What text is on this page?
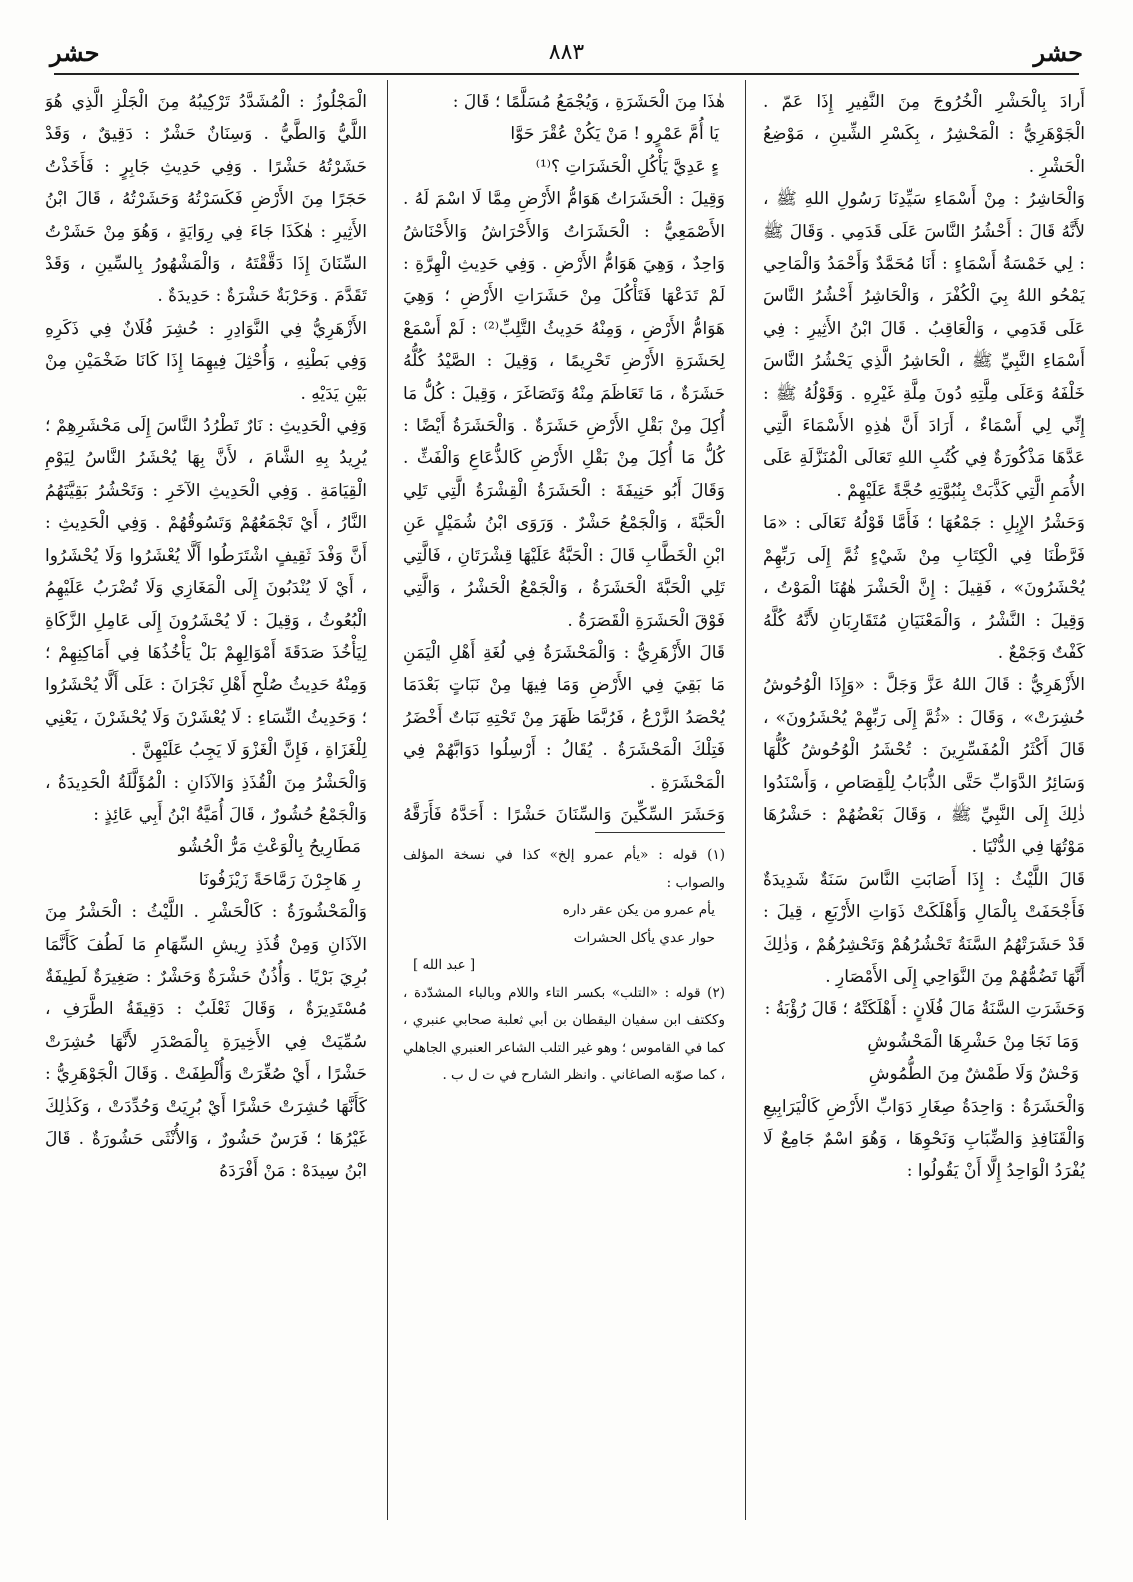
حشر
٨٨٣
حشر

أَرادَ بِالْحَشْرِ الْخُرُوجَ مِنَ النَّفِيرِ إِذَا عَمّ . الْجَوْهَرِيُّ : الْمَحْشِرُ ، بِكَسْرِ الشِّينِ ، مَوْضِعُ الْحَشْرِ .

وَالْحَاشِرُ : مِنْ أَسْمَاءِ سَيِّدِنَا رَسُولِ اللهِ ﷺ ، لأَنَّهُ قَالَ : أَحْشُرُ النَّاسَ عَلَى قَدَمِي . وَقَالَ ﷺ : لِي خَمْسَةُ أَسْمَاءٍ : أَنَا مُحَمَّدٌ وَأَحْمَدُ وَالْمَاحِي يَمْحُو اللهُ بِيَ الْكُفْرَ ، وَالْحَاشِرُ أَحْشُرُ النَّاسَ عَلَى قَدَمِي ، وَالْعَاقِبُ . قَالَ ابْنُ الأَثِيرِ : فِي أَسْمَاءِ النَّبِيِّ ﷺ ، الْحَاشِرُ الَّذِي يَحْشُرُ النَّاسَ خَلْفَهُ وَعَلَى مِلَّتِهِ دُونَ مِلَّةِ غَيْرِهِ . وَقَوْلُهُ ﷺ : إِنِّي لِي أَسْمَاءٌ ، أَرَادَ أَنَّ هٰذِهِ الأَسْمَاءَ الَّتِي عَدَّهَا مَذْكُورَةٌ فِي كُتُبِ اللهِ تَعَالَى الْمُنَزَّلَةِ عَلَى الأُمَمِ الَّتِي كَذَّبَتْ بِنُبُوَّتِهِ حُجَّةً عَلَيْهِمْ .

وَحَشْرُ الإِبِلِ : جَمْعُهَا ؛ فَأَمَّا قَوْلُهُ تَعَالَى : «مَا فَرَّطْنَا فِي الْكِتَابِ مِنْ شَيْءٍ ثُمَّ إِلَى رَبِّهِمْ يُحْشَرُونَ» ، فَقِيلَ : إِنَّ الْحَشْرَ هٰهُنَا الْمَوْتُ ، وَقِيلَ : النَّشْرُ ، وَالْمَعْنَيَانِ مُتَقَارِبَانِ لأَنَّهُ كُلَّهُ كَفْتٌ وَجَمْعٌ .

الأَزْهَرِيُّ : قَالَ اللهُ عَزَّ وَجَلَّ : «وَإِذَا الْوُحُوشُ حُشِرَتْ» ، وَقَالَ : «ثُمَّ إِلَى رَبِّهِمْ يُحْشَرُونَ» ، قَالَ أَكْثَرُ الْمُفَسِّرِينَ : تُحْشَرُ الْوُحُوشُ كُلُّهَا وَسَائِرُ الدَّوَابِّ حَتَّى الذُّبَابُ لِلْقِصَاصِ ، وَأَسْنَدُوا ذٰلِكَ إِلَى النَّبِيِّ ﷺ ، وَقَالَ بَعْضُهُمْ : حَشْرُهَا مَوْتُهَا فِي الدُّنْيَا .

قَالَ اللَّيْثُ : إِذَا أَصَابَتِ النَّاسَ سَنَةٌ شَدِيدَةٌ فَأَجْحَفَتْ بِالْمَالِ وَأَهْلَكَتْ ذَوَاتِ الأَرْبَعِ ، قِيلَ : قَدْ حَشَرَتْهُمُ السَّنَةُ تَحْشُرُهُمْ وَتَحْشِرُهُمْ ، وَذٰلِكَ أَنَّهَا تَضُمُّهُمْ مِنَ النَّوَاحِي إِلَى الأَمْصَارِ .

وَحَشَرَتِ السَّنَةُ مَالَ فُلَانٍ : أَهْلَكَتْهُ ؛ قَالَ رُؤْبَةُ :

وَمَا نَجَا مِنْ حَشْرِهَا الْمَحْشُوشِ

وَحْشٌ وَلَا طَمْشٌ مِنَ الطُّمُوشِ

وَالْحَشَرَةُ : وَاحِدَةُ صِغَارِ دَوَابِّ الأَرْضِ كَالْيَرَابِيعِ وَالْقَنَافِذِ وَالضِّبَابِ وَنَحْوِهَا ، وَهُوَ اسْمٌ جَامِعٌ لَا يُفْرَدُ الْوَاحِدُ إِلَّا أَنْ يَقُولُوا :

هٰذَا مِنَ الْحَشَرَةِ ، وَيُجْمَعُ مُسَلَّمًا ؛ قَالَ :

يَا أُمَّ عَمْرٍو ! مَنْ يَكُنْ عُقْرَ حَوَّا

ءٍ عَدِيَّ يَأْكُلِ الْحَشَرَاتِ ؟⁽¹⁾

وَقِيلَ : الْحَشَرَاتُ هَوَامُّ الأَرْضِ مِمَّا لَا اسْمَ لَهُ . الأَصْمَعِيُّ : الْحَشَرَاتُ وَالأَحْرَاشُ وَالأَحْنَاشُ وَاحِدٌ ، وَهِيَ هَوَامُّ الأَرْضِ . وَفِي حَدِيثِ الْهِرَّةِ : لَمْ تَدَعْهَا فَتَأْكُلَ مِنْ حَشَرَاتِ الأَرْضِ ؛ وَهِيَ هَوَامُّ الأَرْضِ ، وَمِنْهُ حَدِيثُ التَّلِبِّ⁽²⁾ : لَمْ أَسْمَعْ لِحَشَرَةِ الأَرْضِ تَحْرِيمًا ، وَقِيلَ : الصَّيْدُ كُلُّهُ حَشَرَةٌ ، مَا تَعَاظَمَ مِنْهُ وَتَصَاغَرَ ، وَقِيلَ : كُلُّ مَا أُكِلَ مِنْ بَقْلِ الأَرْضِ حَشَرَةٌ . وَالْحَشَرَةُ أَيْضًا : كُلُّ مَا أُكِلَ مِنْ بَقْلِ الأَرْضِ كَالذُّعَاعِ وَالْفَثِّ . وَقَالَ أَبُو حَنِيفَةَ : الْحَشَرَةُ الْقِشْرَةُ الَّتِي تَلِي الْحَبَّةَ ، وَالْجَمْعُ حَشْرٌ . وَرَوَى ابْنُ شُمَيْلٍ عَنِ ابْنِ الْخَطَّابِ قَالَ : الْحَبَّةُ عَلَيْهَا قِشْرَتَانِ ، فَالَّتِي تَلِي الْحَبَّةَ الْحَشَرَةُ ، وَالْجَمْعُ الْحَشْرُ ، وَالَّتِي فَوْقَ الْحَشَرَةِ الْقَصَرَةُ .

قَالَ الأَزْهَرِيُّ : وَالْمَحْشَرَةُ فِي لُغَةِ أَهْلِ الْيَمَنِ مَا بَقِيَ فِي الأَرْضِ وَمَا فِيهَا مِنْ نَبَاتٍ بَعْدَمَا يُحْصَدُ الزَّرْعُ ، فَرُبَّمَا ظَهَرَ مِنْ تَحْتِهِ نَبَاتٌ أَخْضَرُ فَتِلْكَ الْمَحْشَرَةُ . يُقَالُ : أَرْسِلُوا دَوَابَّهُمْ فِي الْمَحْشَرَةِ .

وَحَشَرَ السِّكِّينَ وَالسِّنَانَ حَشْرًا : أَحَدَّهُ فَأَرَقَّهُ

(١) قوله : «يأم عمرو إلخ» كذا في نسخة المؤلف والصواب :

يأم عمرو من يكن عقر داره

حوار عدي يأكل الحشرات

[ عبد الله ]

(٢) قوله : «التلب» بكسر التاء واللام وبالباء المشدّدة ، وككتف ابن سفيان اليقطان بن أبي ثعلبة صحابي عنبري ، كما في القاموس ؛ وهو غير التلب الشاعر العنبري الجاهلي ، كما صوّبه الصاغاني . وانظر الشارح في ت ل ب .

الْمَجْلُوزُ : الْمُشَدَّدُ تَرْكِيبُهُ مِنَ الْجَلْزِ الَّذِي هُوَ اللَّيُّ وَالطَّيُّ . وَسِنَانٌ حَشْرٌ : دَقِيقٌ ، وَقَدْ حَشَرْتُهُ حَشْرًا . وَفِي حَدِيثِ جَابِرٍ : فَأَخَذْتُ حَجَرًا مِنَ الأَرْضِ فَكَسَرْتُهُ وَحَشَرْتُهُ ، قَالَ ابْنُ الأَثِيرِ : هٰكَذَا جَاءَ فِي رِوَايَةٍ ، وَهُوَ مِنْ حَشَرْتُ السِّنَانَ إِذَا دَقَّقْتَهُ ، وَالْمَشْهُورُ بِالسِّينِ ، وَقَدْ تَقَدَّمَ . وَحَرْبَةٌ حَشْرَةٌ : حَدِيدَةٌ .

الأَزْهَرِيُّ فِي النَّوَادِرِ : حُشِرَ فُلَانٌ فِي ذَكَرِهِ وَفِي بَطْنِهِ ، وَأُحْثِلَ فِيهِمَا إِذَا كَانَا ضَخْمَيْنِ مِنْ بَيْنِ يَدَيْهِ .

وَفِي الْحَدِيثِ : نَارٌ تَطْرُدُ النَّاسَ إِلَى مَحْشَرِهِمْ ؛ يُرِيدُ بِهِ الشَّامَ ، لأَنَّ بِهَا يُحْشَرُ النَّاسُ لِيَوْمِ الْقِيَامَةِ . وَفِي الْحَدِيثِ الآخَرِ : وَتَحْشُرُ بَقِيَّتَهُمُ النَّارُ ، أَيْ تَجْمَعُهُمْ وَتَسُوقُهُمْ . وَفِي الْحَدِيثِ : أَنَّ وَفْدَ ثَقِيفٍ اشْتَرَطُوا أَلَّا يُعْشَرُوا وَلَا يُحْشَرُوا ، أَيْ لَا يُنْدَبُونَ إِلَى الْمَغَازِي وَلَا تُضْرَبُ عَلَيْهِمُ الْبُعُوثُ ، وَقِيلَ : لَا يُحْشَرُونَ إِلَى عَامِلِ الزَّكَاةِ لِيَأْخُذَ صَدَقَةَ أَمْوَالِهِمْ بَلْ يَأْخُذُهَا فِي أَمَاكِنِهِمْ ؛ وَمِنْهُ حَدِيثُ صُلْحِ أَهْلِ نَجْرَانَ : عَلَى أَلَّا يُحْشَرُوا ؛ وَحَدِيثُ النِّسَاءِ : لَا يُعْشَرْنَ وَلَا يُحْشَرْنَ ، يَعْنِي لِلْغَزَاةِ ، فَإِنَّ الْغَزْوَ لَا يَجِبُ عَلَيْهِنَّ .

وَالْحَشْرُ مِنَ الْقُذَذِ وَالآذَانِ : الْمُؤَلَّلَةُ الْحَدِيدَةُ ، وَالْجَمْعُ حُشُورٌ ، قَالَ أُمَيَّةُ ابْنُ أَبِي عَائِذٍ :

مَطَارِيحُ بِالْوَعْثِ مَرُّ الْحُشُو

رِ هَاجِرْنَ رَمَّاحَةً زَيْزَفُونَا

وَالْمَحْشُورَةُ : كَالْحَشْرِ . اللَّيْثُ : الْحَشْرُ مِنَ الآذَانِ وَمِنْ قُذَذِ رِيشِ السِّهَامِ مَا لَطُفَ كَأَنَّمَا بُرِيَ بَرْيًا . وَأُذُنٌ حَشْرَةٌ وَحَشْرٌ : صَغِيرَةٌ لَطِيفَةٌ مُسْتَدِيرَةٌ ، وَقَالَ ثَعْلَبٌ : دَقِيقَةُ الطَّرَفِ ، سُمِّيَتْ فِي الأَخِيرَةِ بِالْمَصْدَرِ لأَنَّهَا حُشِرَتْ حَشْرًا ، أَيْ صُغِّرَتْ وَأُلْطِفَتْ . وَقَالَ الْجَوْهَرِيُّ : كَأَنَّهَا حُشِرَتْ حَشْرًا أَيْ بُرِيَتْ وَحُدِّدَتْ ، وَكَذٰلِكَ غَيْرُهَا ؛ فَرَسٌ حَشُورٌ ، وَالأُنْثَى حَشُورَةٌ . قَالَ ابْنُ سِيدَهْ : مَنْ أَفْرَدَهُ
